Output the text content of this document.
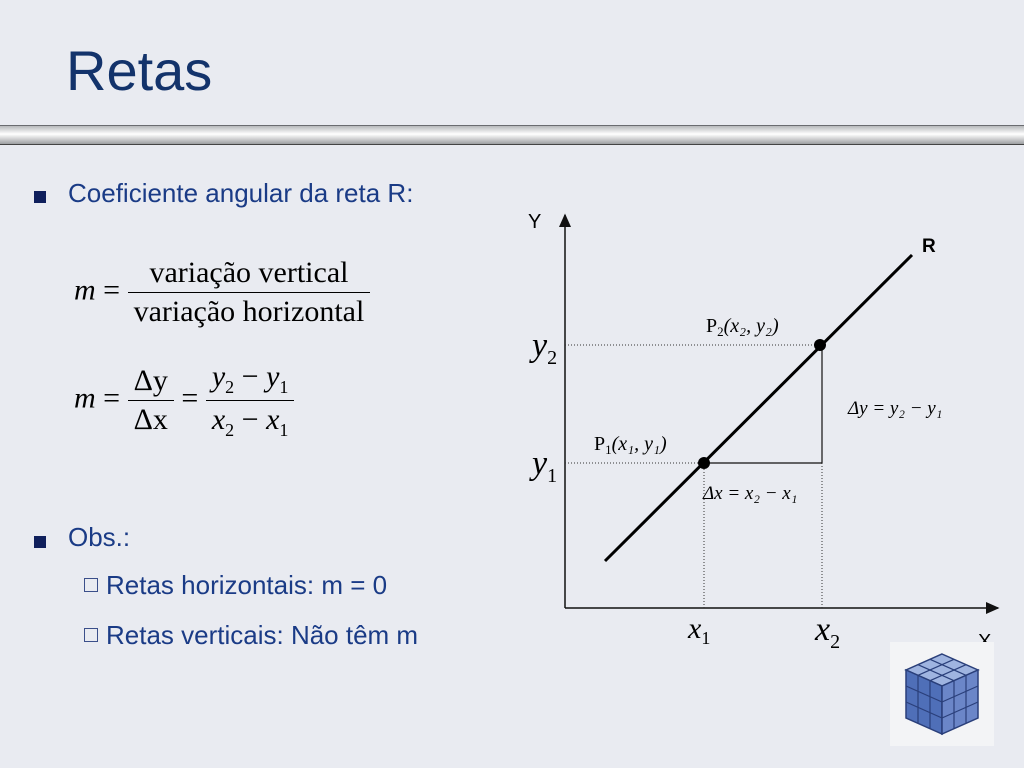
Retas
Coeficiente angular da reta R:
$m = \frac{\text{variação vertical}}{\text{variação horizontal}}$
$m = \frac{\Delta y}{\Delta x} = \frac{y_2 - y_1}{x_2 - x_1}$
Obs.:
Retas horizontais: m = 0
Retas verticais: Não têm m
Y
R
$P_2(x_2$, y₂)
$P_1(x_1$, y₁)
Δy = y₂ − y₁
Δx = x₂ − x₁
$y_2$
$y_1$
$x_1$	$x_2$
